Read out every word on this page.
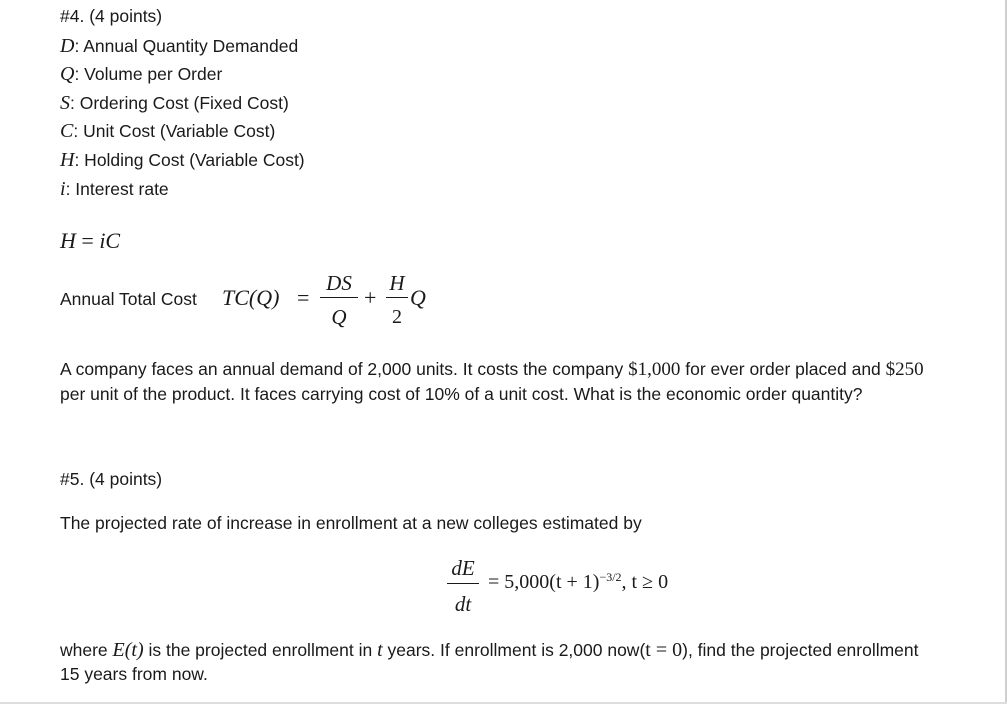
#4. (4 points)
D: Annual Quantity Demanded
Q: Volume per Order
S: Ordering Cost (Fixed Cost)
C: Unit Cost (Variable Cost)
H: Holding Cost (Variable Cost)
i: Interest rate
H = iC
Annual Total Cost TC(Q) =
DS
Q
+
H
2
Q
A company faces an annual demand of 2,000 units. It costs the company $1,000 for ever order placed and $250 per unit of the product. It faces carrying cost of 10% of a unit cost. What is the economic order quantity?
#5. (4 points)
The projected rate of increase in enrollment at a new colleges estimated by
dE
dt
= $5,000(t + 1)^{-3/2}$, t ≥ 0
where E(t) is the projected enrollment in t years. If enrollment is 2,000 now(t = 0), find the projected enrollment 15 years from now.
